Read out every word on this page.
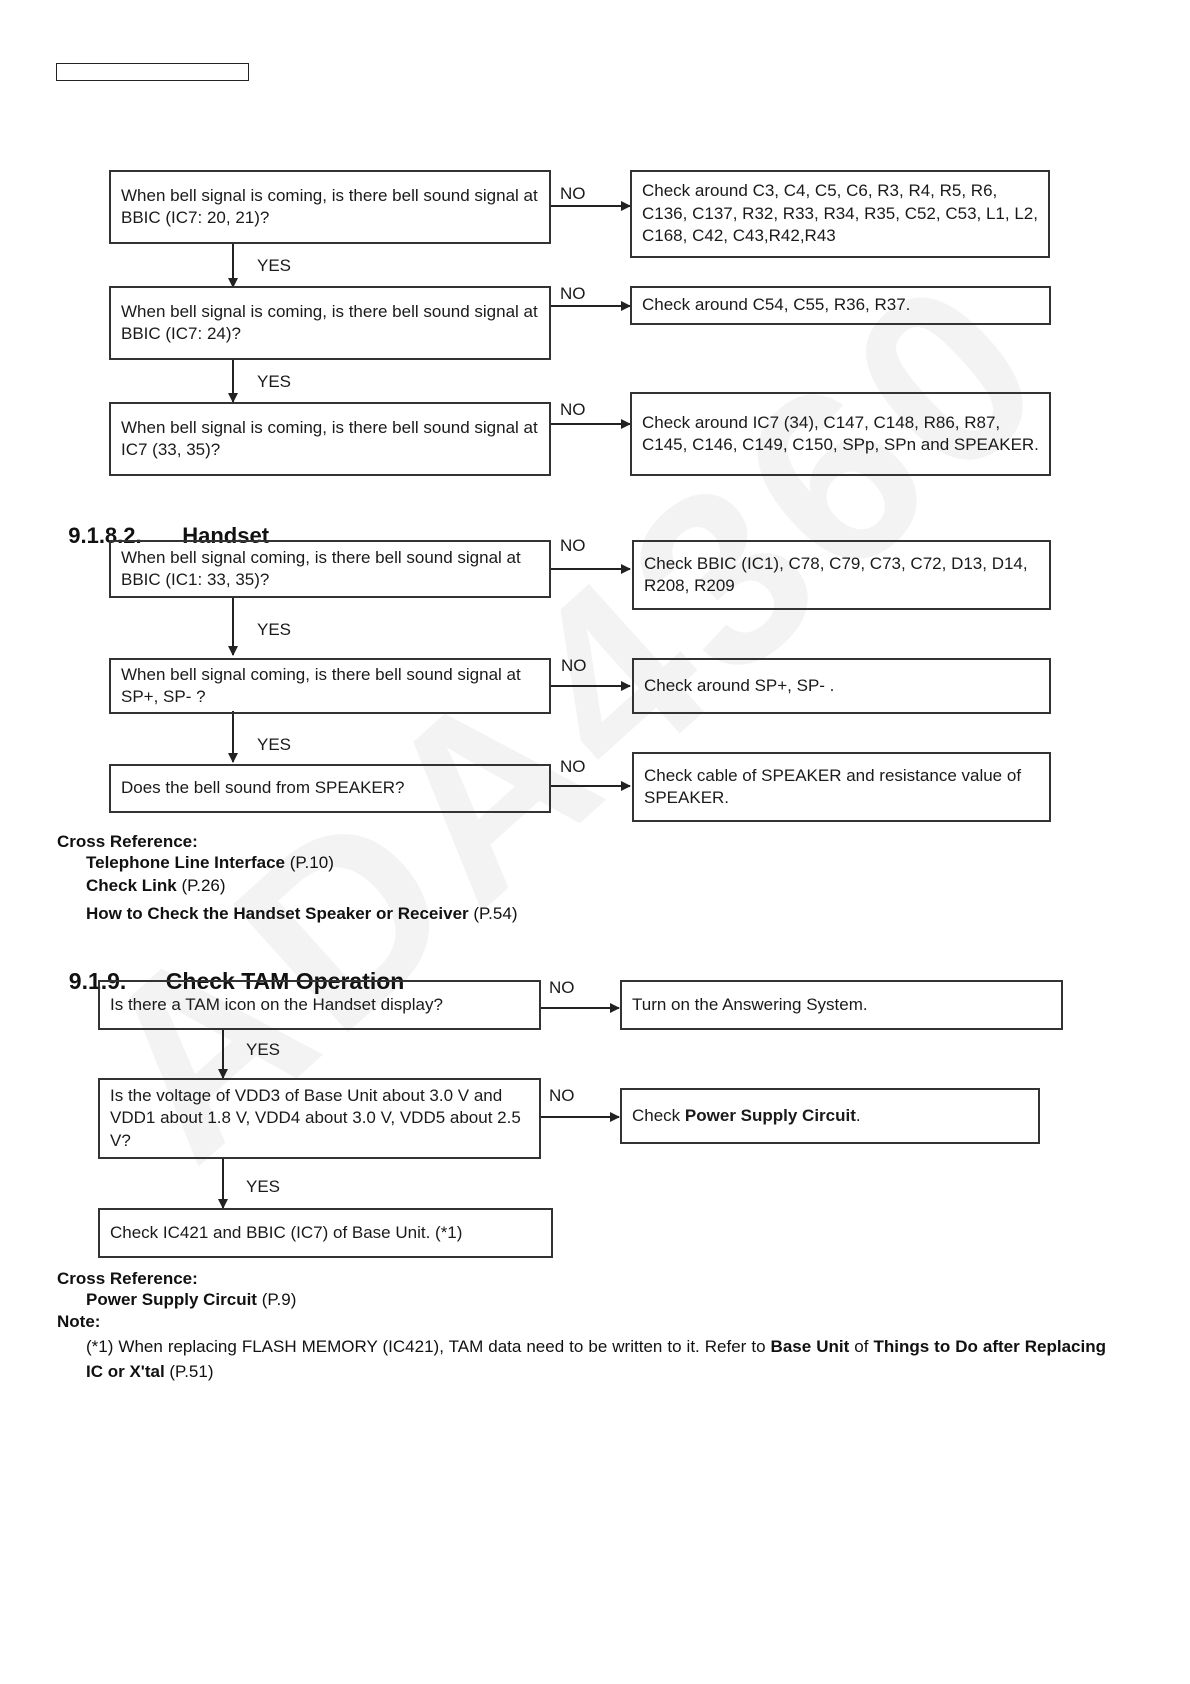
When bell signal is coming, is there bell sound signal at BBIC (IC7: 20, 21)?
NO	Check around C3, C4, C5, C6, R3, R4, R5, R6, C136, C137, R32, R33, R34, R35, C52, C53, L1, L2, C168, C42, C43,R42,R43
YES
When bell signal is coming, is there bell sound signal at BBIC (IC7: 24)?
NO
Check around C54, C55, R36, R37.
YES
When bell signal is coming, is there bell sound signal at IC7 (33, 35)?
NO
Check around IC7 (34), C147, C148, R86, R87, C145, C146, C149, C150, SPp, SPn and SPEAKER.

9.1.8.2. Handset

When bell signal coming, is there bell sound signal at BBIC (IC1: 33, 35)?
NO
Check BBIC (IC1), C78, C79, C73, C72, D13, D14, R208, R209
YES
When bell signal coming, is there bell sound signal at SP+, SP- ?
NO
Check around SP+, SP- .
YES
Does the bell sound from SPEAKER?
NO	Check cable of SPEAKER and resistance value of SPEAKER.
Cross Reference:
Telephone Line Interface (P.10)
Check Link (P.26)
How to Check the Handset Speaker or Receiver (P.54)

9.1.9. Check TAM Operation

Is there a TAM icon on the Handset display?
NO
Turn on the Answering System.
YES
Is the voltage of VDD3 of Base Unit about 3.0 V and VDD1 about 1.8 V, VDD4 about 3.0 V, VDD5 about 2.5 V?
NO
Check Power Supply Circuit.
YES
Check IC421 and BBIC (IC7) of Base Unit. (*1)
Cross Reference:
Power Supply Circuit (P.9)
Note:
(*1) When replacing FLASH MEMORY (IC421), TAM data need to be written to it. Refer to Base Unit of Things to Do after Replacing IC or X'tal (P.51)
